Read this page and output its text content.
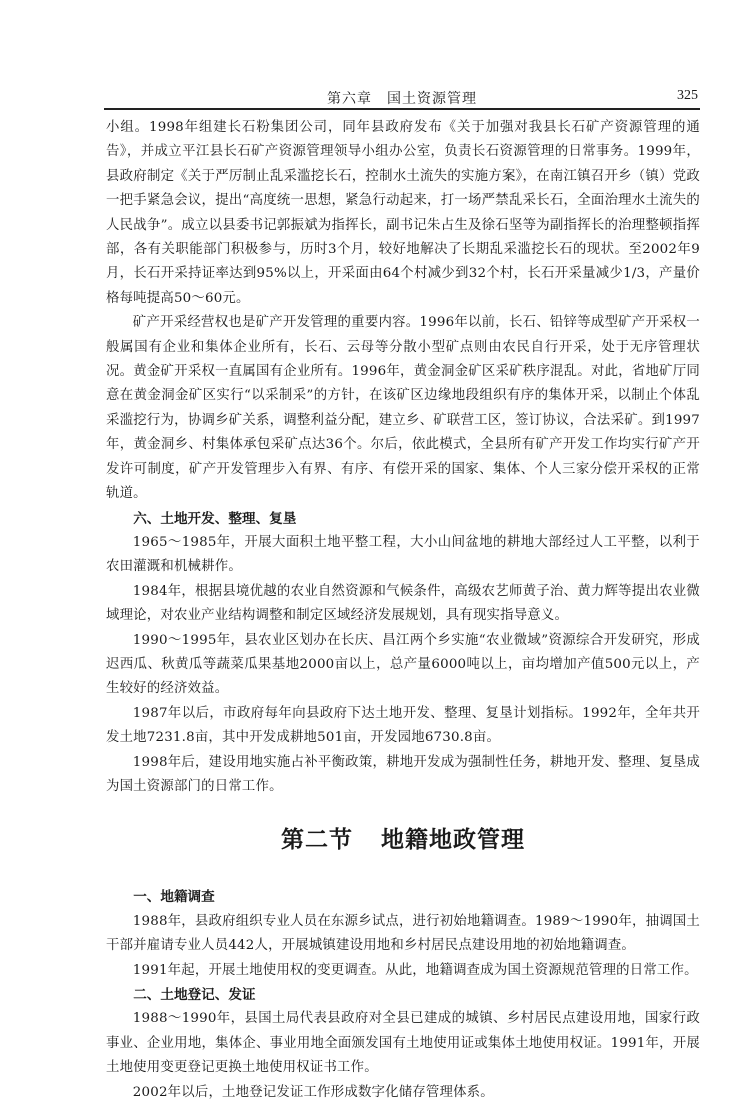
第六章　国土资源管理	325

小组。1998年组建长石粉集团公司，同年县政府发布《关于加强对我县长石矿产资源管理的通告》，并成立平江县长石矿产资源管理领导小组办公室，负责长石资源管理的日常事务。1999年，县政府制定《关于严厉制止乱采滥挖长石，控制水土流失的实施方案》，在南江镇召开乡（镇）党政一把手紧急会议，提出“高度统一思想，紧急行动起来，打一场严禁乱采长石，全面治理水土流失的人民战争”。成立以县委书记郭振斌为指挥长，副书记朱占生及徐石坚等为副指挥长的治理整顿指挥部，各有关职能部门积极参与，历时3个月，较好地解决了长期乱采滥挖长石的现状。至2002年9月，长石开采持证率达到95%以上，开采面由64个村减少到32个村，长石开采量减少1/3，产量价格每吨提高50～60元。

矿产开采经营权也是矿产开发管理的重要内容。1996年以前，长石、铅锌等成型矿产开采权一般属国有企业和集体企业所有，长石、云母等分散小型矿点则由农民自行开采，处于无序管理状况。黄金矿开采权一直属国有企业所有。1996年，黄金洞金矿区采矿秩序混乱。对此，省地矿厅同意在黄金洞金矿区实行“以采制采”的方针，在该矿区边缘地段组织有序的集体开采，以制止个体乱采滥挖行为，协调乡矿关系，调整利益分配，建立乡、矿联营工区，签订协议，合法采矿。到1997年，黄金洞乡、村集体承包采矿点达36个。尔后，依此模式，全县所有矿产开发工作均实行矿产开发许可制度，矿产开发管理步入有界、有序、有偿开采的国家、集体、个人三家分偿开采权的正常轨道。

六、土地开发、整理、复垦

1965～1985年，开展大面积土地平整工程，大小山间盆地的耕地大部经过人工平整，以利于农田灌溉和机械耕作。

1984年，根据县境优越的农业自然资源和气候条件，高级农艺师黄子治、黄力辉等提出农业微域理论，对农业产业结构调整和制定区域经济发展规划，具有现实指导意义。

1990～1995年，县农业区划办在长庆、昌江两个乡实施“农业微域”资源综合开发研究，形成迟西瓜、秋黄瓜等蔬菜瓜果基地2000亩以上，总产量6000吨以上，亩均增加产值500元以上，产生较好的经济效益。

1987年以后，市政府每年向县政府下达土地开发、整理、复垦计划指标。1992年，全年共开发土地7231.8亩，其中开发成耕地501亩，开发园地6730.8亩。

1998年后，建设用地实施占补平衡政策，耕地开发成为强制性任务，耕地开发、整理、复垦成为国土资源部门的日常工作。

第二节 地籍地政管理
一、地籍调查

1988年，县政府组织专业人员在东源乡试点，进行初始地籍调查。1989～1990年，抽调国土干部并雇请专业人员442人，开展城镇建设用地和乡村居民点建设用地的初始地籍调查。

1991年起，开展土地使用权的变更调查。从此，地籍调查成为国土资源规范管理的日常工作。

二、土地登记、发证

1988～1990年，县国土局代表县政府对全县已建成的城镇、乡村居民点建设用地，国家行政事业、企业用地，集体企、事业用地全面颁发国有土地使用证或集体土地使用权证。1991年，开展土地使用变更登记更换土地使用权证书工作。

2002年以后，土地登记发证工作形成数字化储存管理体系。
